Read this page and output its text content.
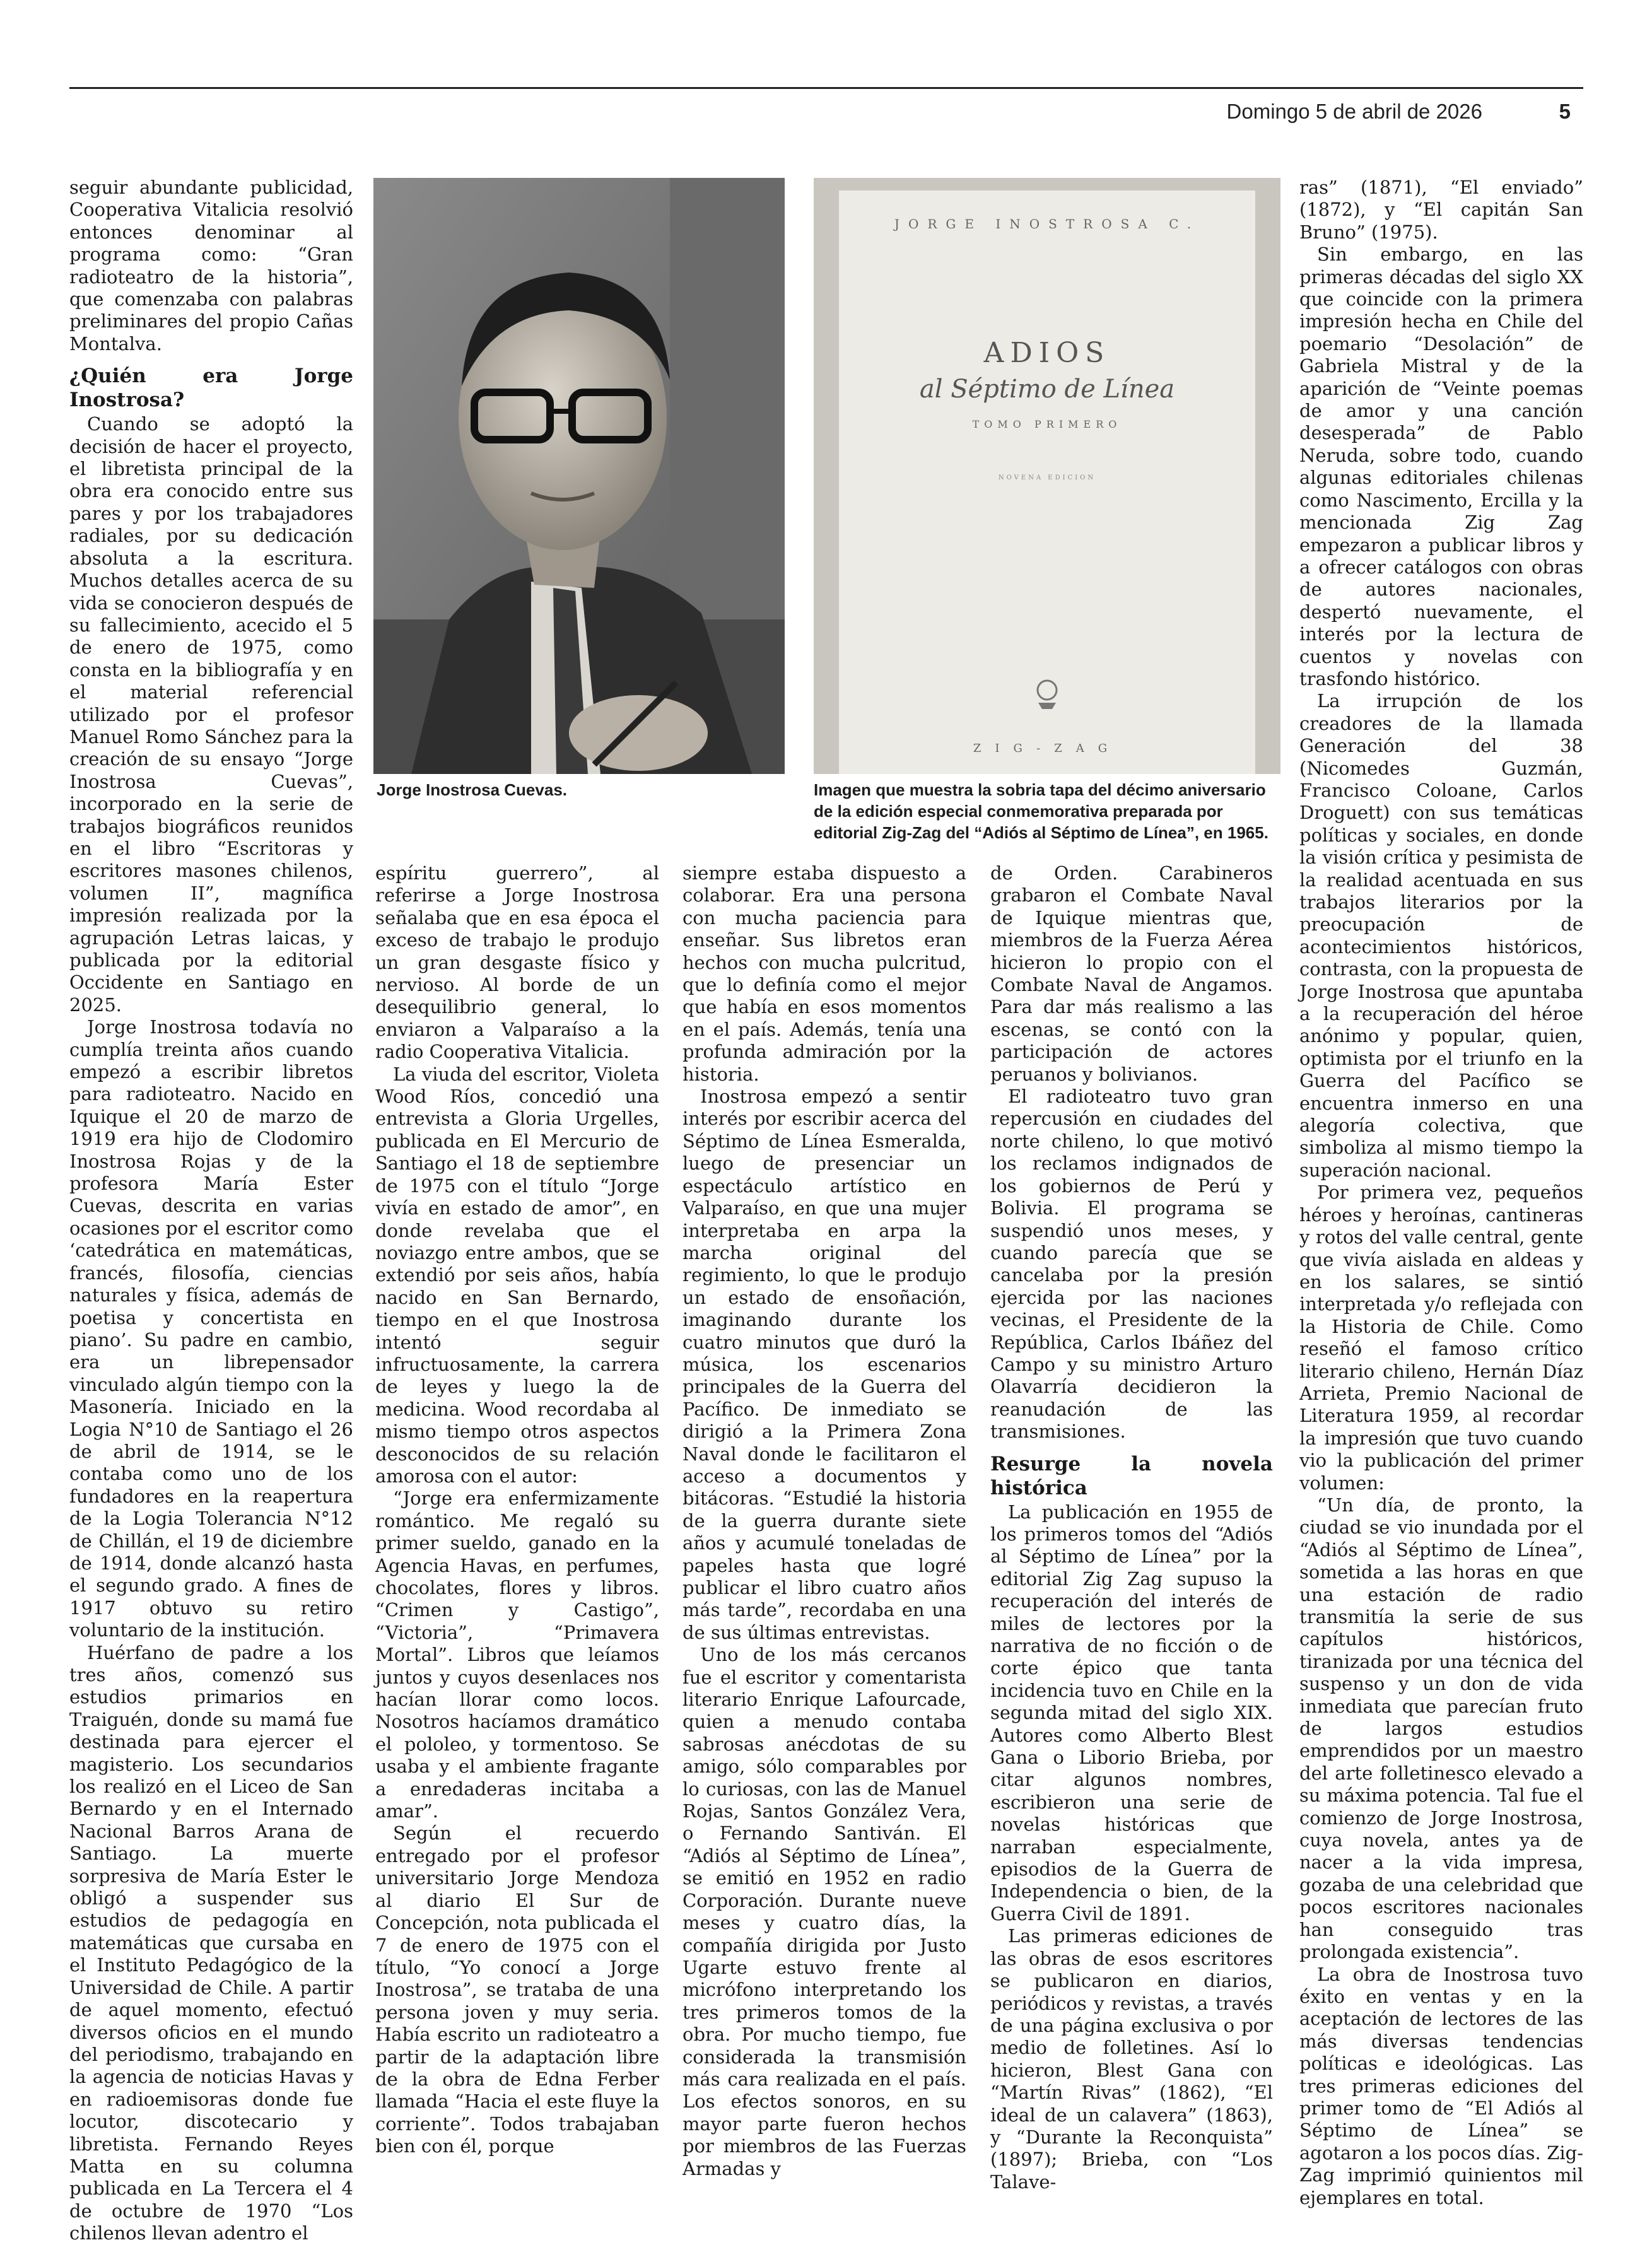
Domingo 5 de abril de 2026	5

seguir abundante publicidad, Cooperativa Vitalicia resolvió entonces denominar al programa como: “Gran radioteatro de la historia”, que comenzaba con palabras preliminares del propio Cañas Montalva.

¿Quién era Jorge Inostrosa?

Cuando se adoptó la decisión de hacer el proyecto, el libretista principal de la obra era conocido entre sus pares y por los trabajadores radiales, por su dedicación absoluta a la escritura. Muchos detalles acerca de su vida se conocieron después de su fallecimiento, acecido el 5 de enero de 1975, como consta en la bibliografía y en el material referencial utilizado por el profesor Manuel Romo Sánchez para la creación de su ensayo “Jorge Inostrosa Cuevas”, incorporado en la serie de trabajos biográficos reunidos en el libro “Escritoras y escritores masones chilenos, volumen II”, magnífica impresión realizada por la agrupación Letras laicas, y publicada por la editorial Occidente en Santiago en 2025.

Jorge Inostrosa todavía no cumplía treinta años cuando empezó a escribir libretos para radioteatro. Nacido en Iquique el 20 de marzo de 1919 era hijo de Clodomiro Inostrosa Rojas y de la profesora María Ester Cuevas, descrita en varias ocasiones por el escritor como ‘catedrática en matemáticas, francés, filosofía, ciencias naturales y física, además de poetisa y concertista en piano’. Su padre en cambio, era un librepensador vinculado algún tiempo con la Masonería. Iniciado en la Logia N°10 de Santiago el 26 de abril de 1914, se le contaba como uno de los fundadores en la reapertura de la Logia Tolerancia N°12 de Chillán, el 19 de diciembre de 1914, donde alcanzó hasta el segundo grado. A fines de 1917 obtuvo su retiro voluntario de la institución.

Huérfano de padre a los tres años, comenzó sus estudios primarios en Traiguén, donde su mamá fue destinada para ejercer el magisterio. Los secundarios los realizó en el Liceo de San Bernardo y en el Internado Nacional Barros Arana de Santiago. La muerte sorpresiva de María Ester le obligó a suspender sus estudios de pedagogía en matemáticas que cursaba en el Instituto Pedagógico de la Universidad de Chile. A partir de aquel momento, efectuó diversos oficios en el mundo del periodismo, trabajando en la agencia de noticias Havas y en radioemisoras donde fue locutor, discotecario y libretista. Fernando Reyes Matta en su columna publicada en La Tercera el 4 de octubre de 1970 “Los chilenos llevan adentro el

Jorge Inostrosa Cuevas.
JORGE INOSTROSA C.
ADIOS
al Séptimo de Línea
TOMO PRIMERO
NOVENA EDICION
ZIG-ZAG
Imagen que muestra la sobria tapa del décimo aniversario de la edición especial conmemorativa preparada por editorial Zig-Zag del “Adiós al Séptimo de Línea”, en 1965.

espíritu guerrero”, al referirse a Jorge Inostrosa señalaba que en esa época el exceso de trabajo le produjo un gran desgaste físico y nervioso. Al borde de un desequilibrio general, lo enviaron a Valparaíso a la radio Cooperativa Vitalicia.

La viuda del escritor, Violeta Wood Ríos, concedió una entrevista a Gloria Urgelles, publicada en El Mercurio de Santiago el 18 de septiembre de 1975 con el título “Jorge vivía en estado de amor”, en donde revelaba que el noviazgo entre ambos, que se extendió por seis años, había nacido en San Bernardo, tiempo en el que Inostrosa intentó seguir infructuosamente, la carrera de leyes y luego la de medicina. Wood recordaba al mismo tiempo otros aspectos desconocidos de su relación amorosa con el autor:

“Jorge era enfermizamente romántico. Me regaló su primer sueldo, ganado en la Agencia Havas, en perfumes, chocolates, flores y libros. “Crimen y Castigo”, “Victoria”, “Primavera Mortal”. Libros que leíamos juntos y cuyos desenlaces nos hacían llorar como locos. Nosotros hacíamos dramático el pololeo, y tormentoso. Se usaba y el ambiente fragante a enredaderas incitaba a amar”.

Según el recuerdo entregado por el profesor universitario Jorge Mendoza al diario El Sur de Concepción, nota publicada el 7 de enero de 1975 con el título, “Yo conocí a Jorge Inostrosa”, se trataba de una persona joven y muy seria. Había escrito un radioteatro a partir de la adaptación libre de la obra de Edna Ferber llamada “Hacia el este fluye la corriente”. Todos trabajaban bien con él, porque

siempre estaba dispuesto a colaborar. Era una persona con mucha paciencia para enseñar. Sus libretos eran hechos con mucha pulcritud, que lo definía como el mejor que había en esos momentos en el país. Además, tenía una profunda admiración por la historia.

Inostrosa empezó a sentir interés por escribir acerca del Séptimo de Línea Esmeralda, luego de presenciar un espectáculo artístico en Valparaíso, en que una mujer interpretaba en arpa la marcha original del regimiento, lo que le produjo un estado de ensoñación, imaginando durante los cuatro minutos que duró la música, los escenarios principales de la Guerra del Pacífico. De inmediato se dirigió a la Primera Zona Naval donde le facilitaron el acceso a documentos y bitácoras. “Estudié la historia de la guerra durante siete años y acumulé toneladas de papeles hasta que logré publicar el libro cuatro años más tarde”, recordaba en una de sus últimas entrevistas.

Uno de los más cercanos fue el escritor y comentarista literario Enrique Lafourcade, quien a menudo contaba sabrosas anécdotas de su amigo, sólo comparables por lo curiosas, con las de Manuel Rojas, Santos González Vera, o Fernando Santiván. El “Adiós al Séptimo de Línea”, se emitió en 1952 en radio Corporación. Durante nueve meses y cuatro días, la compañía dirigida por Justo Ugarte estuvo frente al micrófono interpretando los tres primeros tomos de la obra. Por mucho tiempo, fue considerada la transmisión más cara realizada en el país. Los efectos sonoros, en su mayor parte fueron hechos por miembros de las Fuerzas Armadas y

de Orden. Carabineros grabaron el Combate Naval de Iquique mientras que, miembros de la Fuerza Aérea hicieron lo propio con el Combate Naval de Angamos. Para dar más realismo a las escenas, se contó con la participación de actores peruanos y bolivianos.

El radioteatro tuvo gran repercusión en ciudades del norte chileno, lo que motivó los reclamos indignados de los gobiernos de Perú y Bolivia. El programa se suspendió unos meses, y cuando parecía que se cancelaba por la presión ejercida por las naciones vecinas, el Presidente de la República, Carlos Ibáñez del Campo y su ministro Arturo Olavarría decidieron la reanudación de las transmisiones.

Resurge la novela histórica

La publicación en 1955 de los primeros tomos del “Adiós al Séptimo de Línea” por la editorial Zig Zag supuso la recuperación del interés de miles de lectores por la narrativa de no ficción o de corte épico que tanta incidencia tuvo en Chile en la segunda mitad del siglo XIX. Autores como Alberto Blest Gana o Liborio Brieba, por citar algunos nombres, escribieron una serie de novelas históricas que narraban especialmente, episodios de la Guerra de Independencia o bien, de la Guerra Civil de 1891.

Las primeras ediciones de las obras de esos escritores se publicaron en diarios, periódicos y revistas, a través de una página exclusiva o por medio de folletines. Así lo hicieron, Blest Gana con “Martín Rivas” (1862), “El ideal de un calavera” (1863), y “Durante la Reconquista” (1897); Brieba, con “Los Talave-

ras” (1871), “El enviado” (1872), y “El capitán San Bruno” (1975).

Sin embargo, en las primeras décadas del siglo XX que coincide con la primera impresión hecha en Chile del poemario “Desolación” de Gabriela Mistral y de la aparición de “Veinte poemas de amor y una canción desesperada” de Pablo Neruda, sobre todo, cuando algunas editoriales chilenas como Nascimento, Ercilla y la mencionada Zig Zag empezaron a publicar libros y a ofrecer catálogos con obras de autores nacionales, despertó nuevamente, el interés por la lectura de cuentos y novelas con trasfondo histórico.

La irrupción de los creadores de la llamada Generación del 38 (Nicomedes Guzmán, Francisco Coloane, Carlos Droguett) con sus temáticas políticas y sociales, en donde la visión crítica y pesimista de la realidad acentuada en sus trabajos literarios por la preocupación de acontecimientos históricos, contrasta, con la propuesta de Jorge Inostrosa que apuntaba a la recuperación del héroe anónimo y popular, quien, optimista por el triunfo en la Guerra del Pacífico se encuentra inmerso en una alegoría colectiva, que simboliza al mismo tiempo la superación nacional.

Por primera vez, pequeños héroes y heroínas, cantineras y rotos del valle central, gente que vivía aislada en aldeas y en los salares, se sintió interpretada y/o reflejada con la Historia de Chile. Como reseñó el famoso crítico literario chileno, Hernán Díaz Arrieta, Premio Nacional de Literatura 1959, al recordar la impresión que tuvo cuando vio la publicación del primer volumen:

“Un día, de pronto, la ciudad se vio inundada por el “Adiós al Séptimo de Línea”, sometida a las horas en que una estación de radio transmitía la serie de sus capítulos históricos, tiranizada por una técnica del suspenso y un don de vida inmediata que parecían fruto de largos estudios emprendidos por un maestro del arte folletinesco elevado a su máxima potencia. Tal fue el comienzo de Jorge Inostrosa, cuya novela, antes ya de nacer a la vida impresa, gozaba de una celebridad que pocos escritores nacionales han conseguido tras prolongada existencia”.

La obra de Inostrosa tuvo éxito en ventas y en la aceptación de lectores de las más diversas tendencias políticas e ideológicas. Las tres primeras ediciones del primer tomo de “El Adiós al Séptimo de Línea” se agotaron a los pocos días. Zig-Zag imprimió quinientos mil ejemplares en total.
